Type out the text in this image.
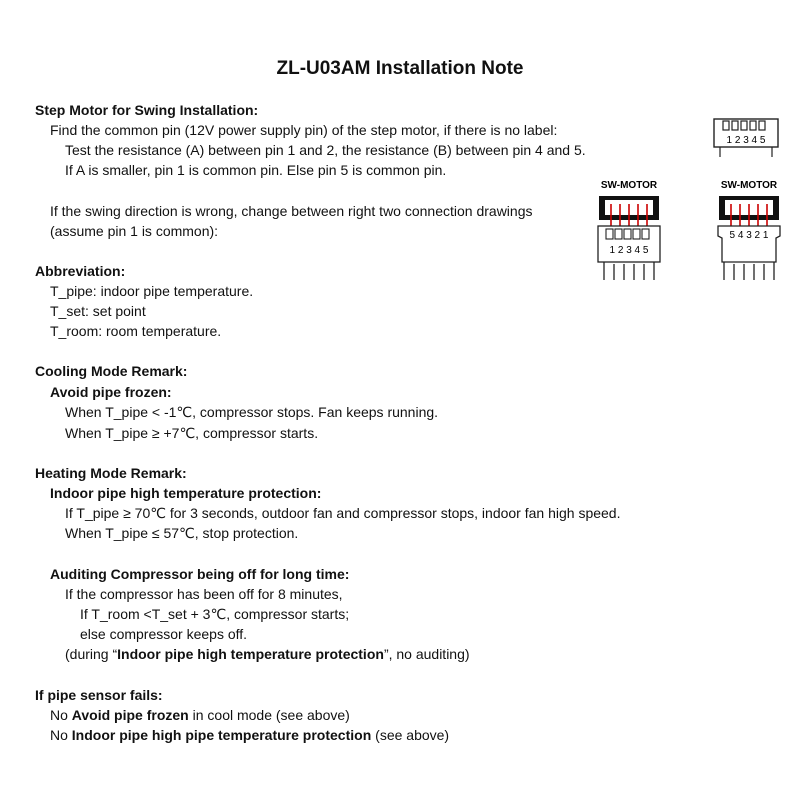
ZL-U03AM Installation Note
Step Motor for Swing Installation:
Find the common pin (12V power supply pin) of the step motor, if there is no label:
Test the resistance (A) between pin 1 and 2, the resistance (B) between pin 4 and 5.
If A is smaller, pin 1 is common pin. Else pin 5 is common pin.
If the swing direction is wrong, change between right two connection drawings
(assume pin 1 is common):
1 2 3 4 5
SW-MOTOR
1 2 3 4 5
SW-MOTOR
5 4 3 2 1
Abbreviation:
T_pipe: indoor pipe temperature.
T_set: set point
T_room: room temperature.
Cooling Mode Remark:
Avoid pipe frozen:
When T_pipe < -1℃, compressor stops. Fan keeps running.
When T_pipe ≥ +7℃, compressor starts.
Heating Mode Remark:
Indoor pipe high temperature protection:
If T_pipe ≥ 70℃ for 3 seconds, outdoor fan and compressor stops, indoor fan high speed.
When T_pipe ≤ 57℃, stop protection.
Auditing Compressor being off for long time:
If the compressor has been off for 8 minutes,
If T_room <T_set + 3℃, compressor starts;
else compressor keeps off.
(during “Indoor pipe high temperature protection”, no auditing)
If pipe sensor fails:
No Avoid pipe frozen in cool mode (see above)
No Indoor pipe high pipe temperature protection (see above)
